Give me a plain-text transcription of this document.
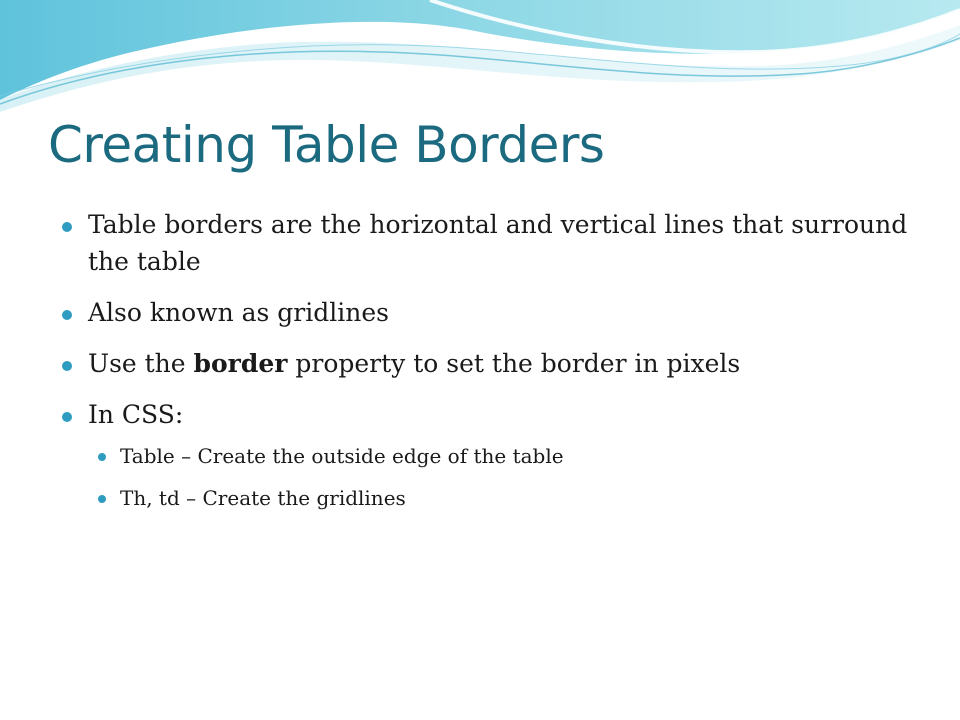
Creating Table Borders
Table borders are the horizontal and vertical lines that surround the table
Also known as gridlines
Use the border property to set the border in pixels
In CSS:
Table – Create the outside edge of the table
Th, td – Create the gridlines
